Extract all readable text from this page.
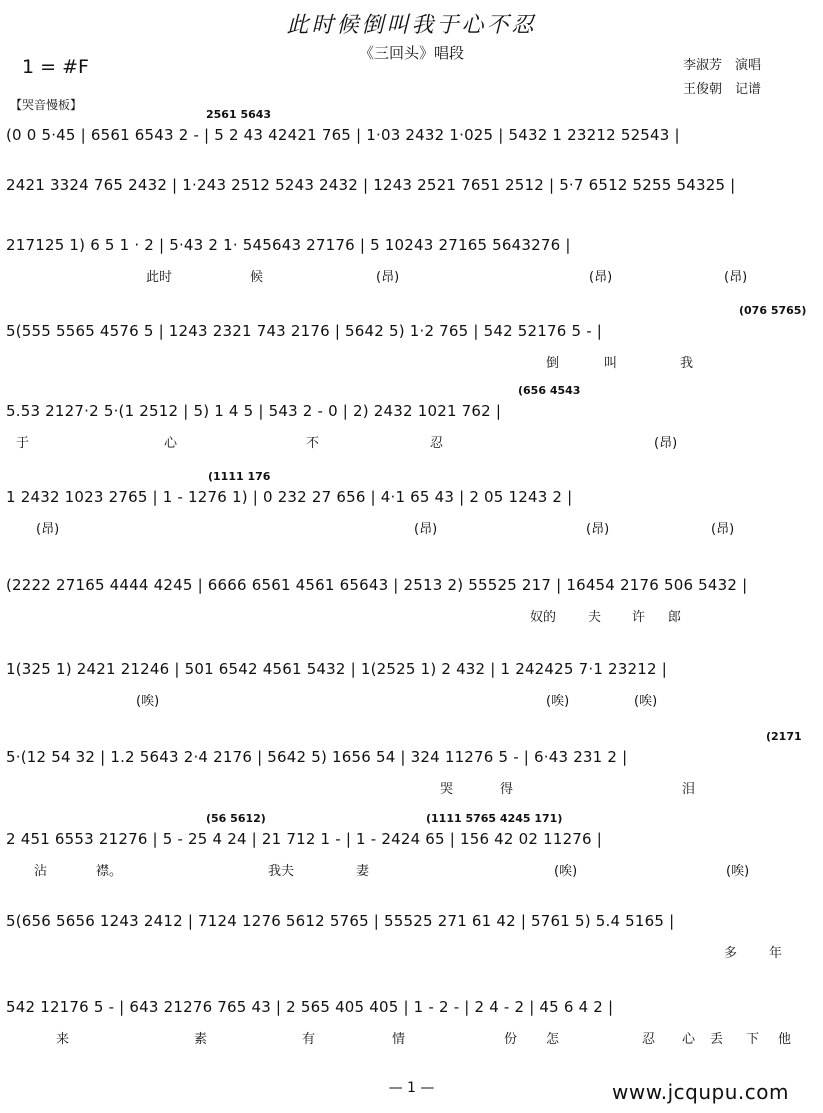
此时候倒叫我于心不忍
《三回头》唱段
1 = #F	李淑芳　演唱
王俊朝　记谱
【哭音慢板】
2561 5643
(0 0 5·45 | 6561 6543 2 - | 5 2 43 42421 765 | 1·03 2432 1·025 | 5432 1 23212 52543 |
2421 3324 765 2432 | 1·243 2512 5243 2432 | 1243 2521 7651 2512 | 5·7 6512 5255 54325 |
217125 1) 6 5 1 · 2 | 5·43 2 1· 545643 27176 | 5 10243 27165 5643276 |
此时	候	(昂)	(昂)	(昂)
(076 5765)
5(555 5565 4576 5 | 1243 2321 743 2176 | 5642 5) 1·2 765 | 542 52176 5 - |
倒	叫	我
(656 4543
5.53 2127·2 5·(1 2512 | 5) 1 4 5 | 543 2 - 0 | 2) 2432 1021 762 |
于	心	不	忍	(昂)
(1111 176
1 2432 1023 2765 | 1 - 1276 1) | 0 232 27 656 | 4·1 65 43 | 2 05 1243 2 |
(昂)	(昂)	(昂)	(昂)
(2222 27165 4444 4245 | 6666 6561 4561 65643 | 2513 2) 55525 217 | 16454 2176 506 5432 |
奴的 夫 许 郎
1(325 1) 2421 21246 | 501 6542 4561 5432 | 1(2525 1) 2 432 | 1 242425 7·1 23212 |
(唉)	(唉)	(唉)
(2171
5·(12 54 32 | 1.2 5643 2·4 2176 | 5642 5) 1656 54 | 324 11276 5 - | 6·43 231 2 |
哭	得	泪
(56 5612)	(1111 5765 4245 171)
2 451 6553 21276 | 5 - 25 4 24 | 21 712 1 - | 1 - 2424 65 | 156 42 02 11276 |
沾	襟。	我夫	妻	(唉)	(唉)
5(656 5656 1243 2412 | 7124 1276 5612 5765 | 55525 271 61 42 | 5761 5) 5.4 5165 |
多 年
542 12176 5 - | 643 21276 765 43 | 2 565 405 405 | 1 - 2 - | 2 4 - 2 | 45 6 4 2 |
来	素	有	情	份 怎	忍 心 丢 下 他
— 1 —	www.jcqupu.com
